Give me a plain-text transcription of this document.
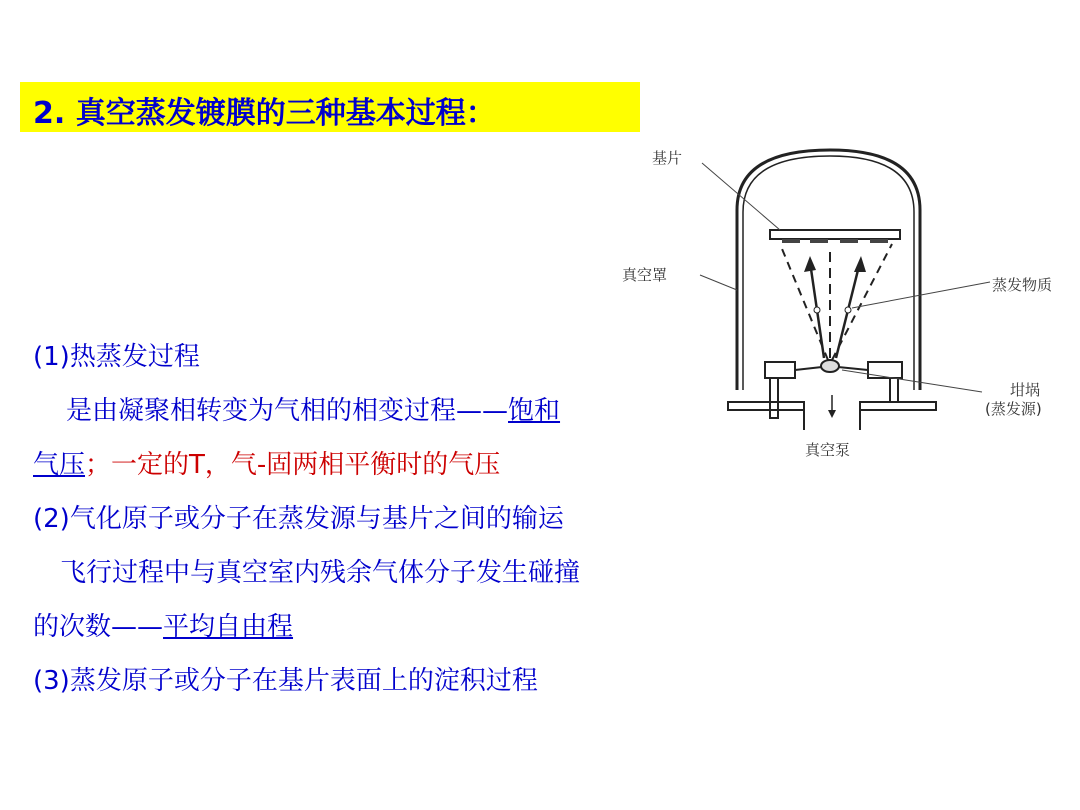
2. 真空蒸发镀膜的三种基本过程：
(1)热蒸发过程
是由凝聚相转变为气相的相变过程——饱和
气压；一定的T，气-固两相平衡时的气压
(2)气化原子或分子在蒸发源与基片之间的输运
飞行过程中与真空室内残余气体分子发生碰撞
的次数——平均自由程
(3)蒸发原子或分子在基片表面上的淀积过程
基片
真空罩
蒸发物质
坩埚
(蒸发源)
真空泵
